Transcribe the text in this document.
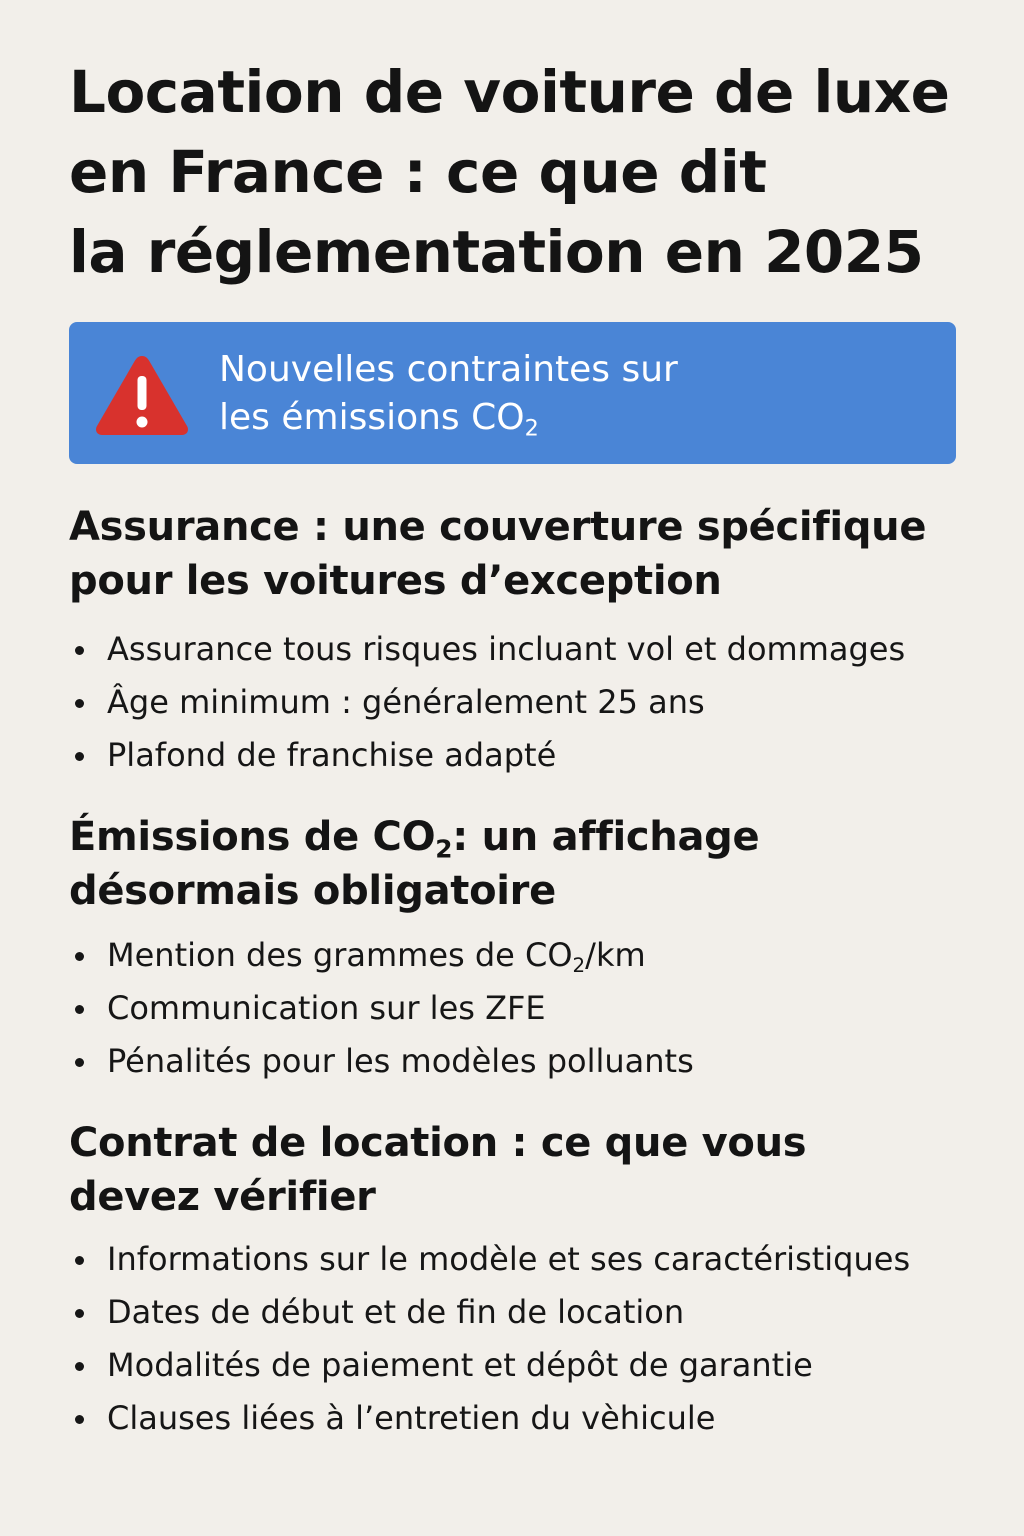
Location de voiture de luxe
en France : ce que dit
la réglementation en 2025
Nouvelles contraintes sur
les émissions $CO_2$
Assurance : une couverture spécifique
pour les voitures d’exception
Assurance tous risques incluant vol et dommages
Âge minimum : généralement 25 ans
Plafond de franchise adapté
Émissions de $CO_2$: un affichage
désormais obligatoire
Mention des grammes de $CO_2/km$
Communication sur les ZFE
Pénalités pour les modèles polluants
Contrat de location : ce que vous
devez vérifier
Informations sur le modèle et ses caractéristiques
Dates de début et de fin de location
Modalités de paiement et dépôt de garantie
Clauses liées à l’entretien du vèhicule
